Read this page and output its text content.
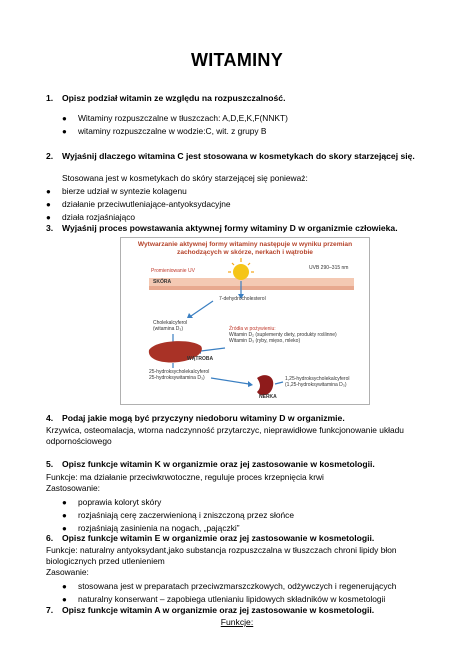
WITAMINY
1. Opisz podział witamin ze względu na rozpuszczalność.
● Witaminy rozpuszczalne w tłuszczach: A,D,E,K,F(NNKT)
● witaminy rozpuszczalne w wodzie:C, wit. z grupy B
2. Wyjaśnij dlaczego witamina C jest stosowana w kosmetykach do skory starzejącej się.
Stosowana jest w kosmetykach do skóry starzejącej się ponieważ:
● bierze udział w syntezie kolagenu
● działanie przeciwutleniające-antyoksydacyjne
● działa rozjaśniająco
3. Wyjaśnij proces powstawania aktywnej formy witaminy D w organizmie człowieka.
Wytwarzanie aktywnej formy witaminy następuje w wyniku przemian
zachodzących w skórze, nerkach i wątrobie
Promieniowanie UV	UVB 290–315 nm
SKÓRA
7-dehydrocholesterol
Cholekalcyferol
(witamina D₃)	Źródła w pożywieniu:
Witamin D₂ (suplementy diety, produkty roślinne)
Witamin D₃ (ryby, mięso, mleko)
WĄTROBA
25-hydroksycholekalcyferol
25-hydroksywitamina D₃)	1,25-hydroksycholekalcyferol
(1,25-hydroksywitamina D₃)
NERKA
4. Podaj jakie mogą być przyczyny niedoboru witaminy D w organizmie.
Krzywica, osteomalacja, wtorna nadczynność przytarczyc, nieprawidłowe funkcjonowanie układu odpornościowego
5. Opisz funkcje witamin K w organizmie oraz jej zastosowanie w kosmetologii.
Funkcje: ma działanie przeciwkrwotoczne, reguluje proces krzepnięcia krwi
Zastosowanie:
● poprawia koloryt skóry
● rozjaśniają cerę zaczerwienioną i zniszczoną przez słońce
● rozjaśniają zasinienia na nogach, „pajączki”
6. Opisz funkcje witamin E w organizmie oraz jej zastosowanie w kosmetologii.
Funkcje: naturalny antyoksydant,jako substancja rozpuszczalna w tłuszczach chroni lipidy błon biologicznych przed utlenieniem
Zasowanie:
● stosowana jest w preparatach przeciwzmarszczkowych, odżywczych i regenerujących
● naturalny konserwant – zapobiega utlenianiu lipidowych składników w kosmetologii
7. Opisz funkcje witamin A w organizmie oraz jej zastosowanie w kosmetologii.
Funkcje:
